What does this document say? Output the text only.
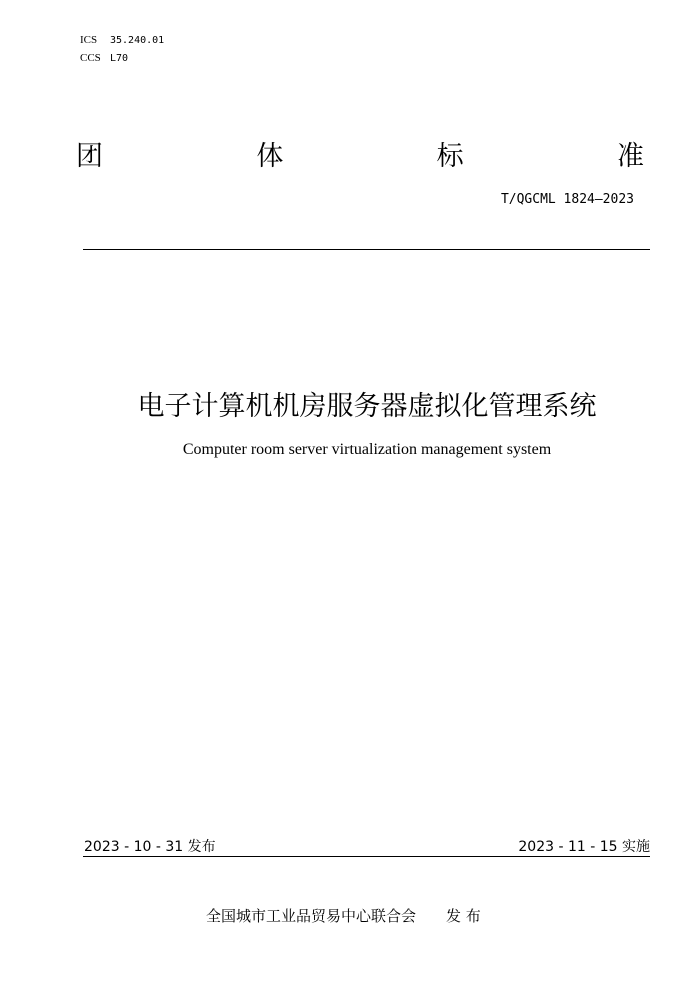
ICS 35.240.01
CCS L70
团	体	标	准
T/QGCML 1824—2023
电子计算机机房服务器虚拟化管理系统
Computer room server virtualization management system
2023 - 10 - 31 发布	2023 - 11 - 15 实施
全国城市工业品贸易中心联合会 发 布
